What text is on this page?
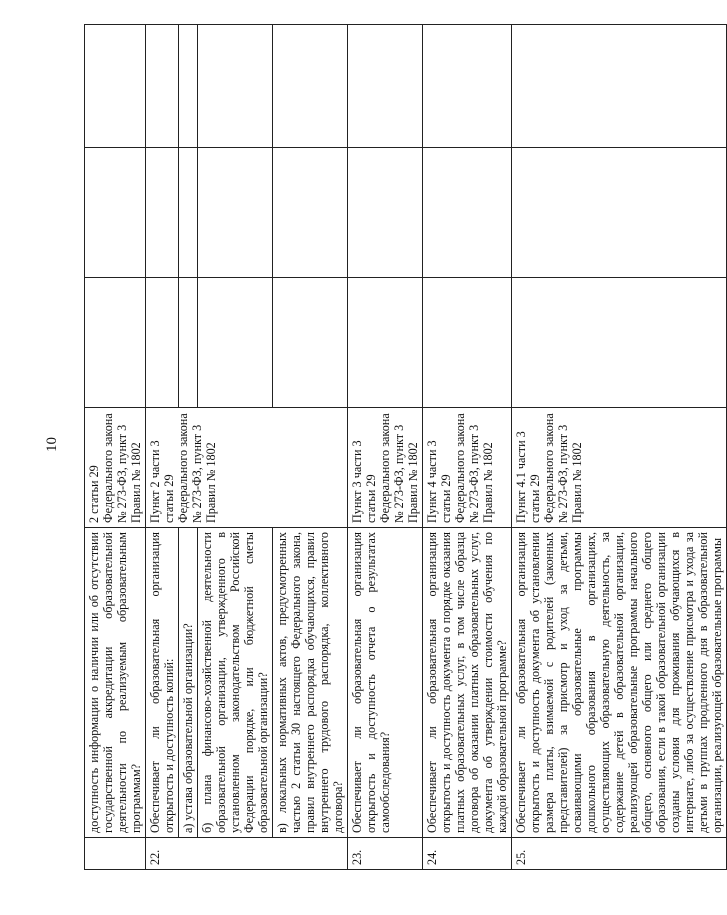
10
	доступность информации о наличии или об отсутствии государственной аккредитации образовательной деятельности по реализуемым образовательным программам?	2 статьи 29 Федерального закона № 273-ФЗ, пункт 3 Правил № 1802			
22.	Обеспечивает ли образовательная организация открытость и доступность копий:	Пункт 2 части 3 статьи 29 Федерального закона № 273-ФЗ, пункт 3 Правил № 1802			
	а) устава образовательной организации?				
	б) плана финансово-хозяйственной деятельности образовательной организации, утвержденного в установленном законодательством Российской Федерации порядке, или бюджетной сметы образовательной организации?				
	в) локальных нормативных актов, предусмотренных частью 2 статьи 30 настоящего Федерального закона, правил внутреннего распорядка обучающихся, правил внутреннего трудового распорядка, коллективного договора?				
23.	Обеспечивает ли образовательная организация открытость и доступность отчета о результатах самообследования?	Пункт 3 части 3 статьи 29 Федерального закона № 273-ФЗ, пункт 3 Правил № 1802			
24.	Обеспечивает ли образовательная организация открытость и доступность документа о порядке оказания платных образовательных услуг, в том числе образца договора об оказании платных образовательных услуг, документа об утверждении стоимости обучения по каждой образовательной программе?	Пункт 4 части 3 статьи 29 Федерального закона № 273-ФЗ, пункт 3 Правил № 1802			
25.	Обеспечивает ли образовательная организация открытость и доступность документа об установлении размера платы, взимаемой с родителей (законных представителей) за присмотр и уход за детьми, осваивающими образовательные программы дошкольного образования в организациях, осуществляющих образовательную деятельность, за содержание детей в образовательной организации, реализующей образовательные программы начального общего, основного общего или среднего общего образования, если в такой образовательной организации созданы условия для проживания обучающихся в интернате, либо за осуществление присмотра и ухода за детьми в группах продленного дня в образовательной организации, реализующей образовательные программы	Пункт 4.1 части 3 статьи 29 Федерального закона № 273-ФЗ, пункт 3 Правил № 1802			
